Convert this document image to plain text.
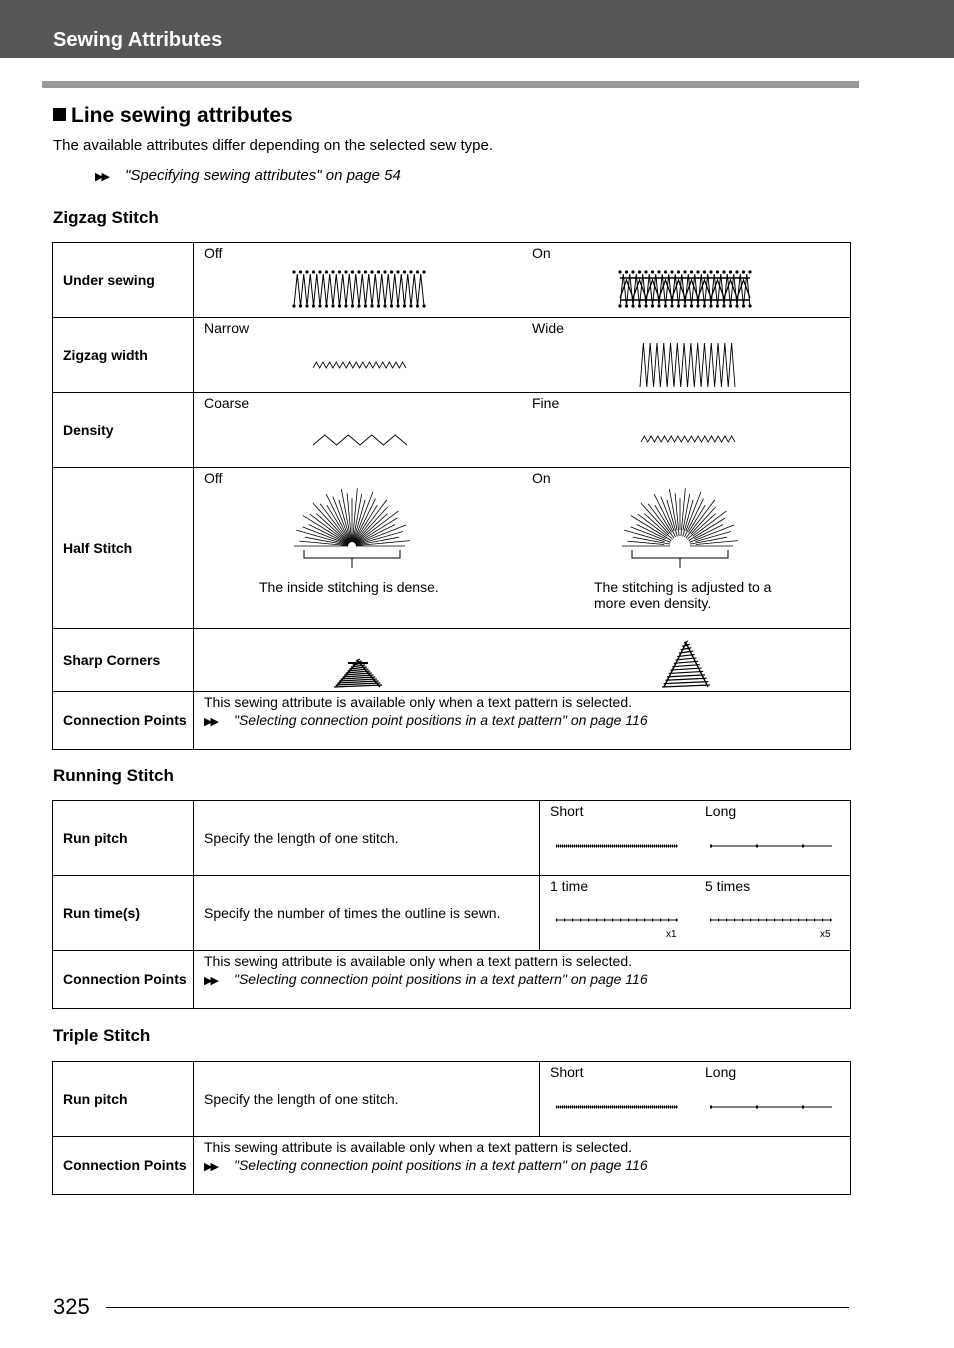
Sewing Attributes
Line sewing attributes
The available attributes differ depending on the selected sew type.
▶▶ "Specifying sewing attributes" on page 54
Zigzag Stitch
Under sewing	Off On

Zigzag width	Narrow Wide

Density	Coarse Fine

Half Stitch	Off On
The inside stitching is dense. The stitching is adjusted to a more even density.

Sharp Corners	

Connection Points	This sewing attribute is available only when a text pattern is selected.
▶▶ "Selecting connection point positions in a text pattern" on page 116
Running Stitch
Run pitch	Specify the length of one stitch.	Short Long

Run time(s)	Specify the number of times the outline is sewn.	1 time 5 times
x1 x5

Connection Points	This sewing attribute is available only when a text pattern is selected.
▶▶ "Selecting connection point positions in a text pattern" on page 116	
Triple Stitch
Run pitch	Specify the length of one stitch.	Short Long

Connection Points	This sewing attribute is available only when a text pattern is selected.
▶▶ "Selecting connection point positions in a text pattern" on page 116	
325
